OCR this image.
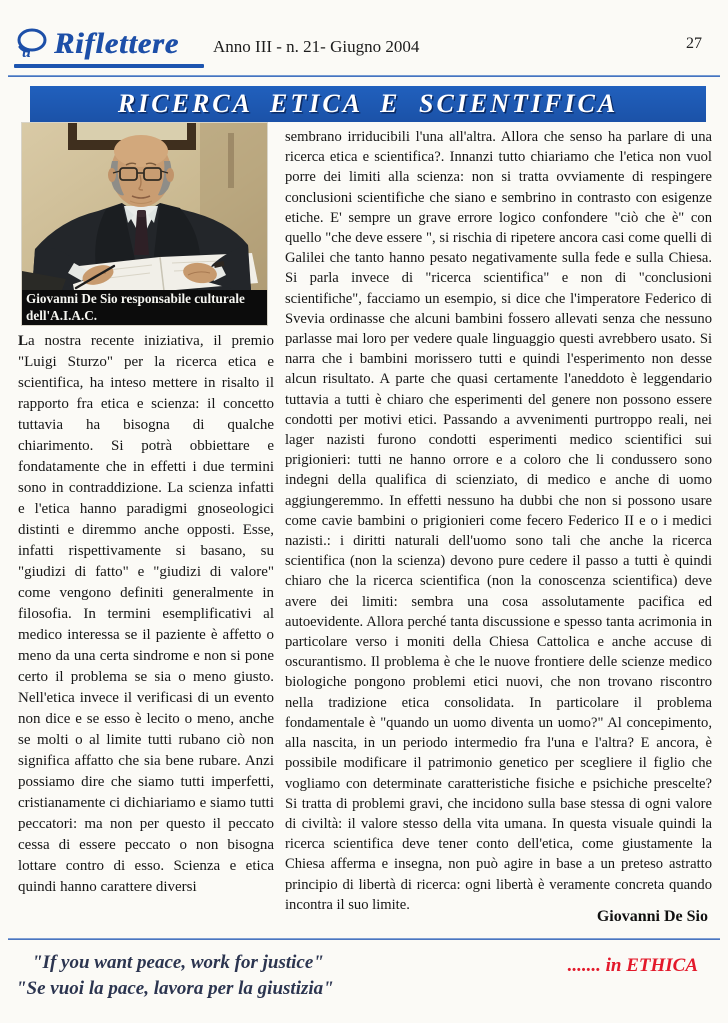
u Riflettere Anno III - n. 21- Giugno 2004	27
RICERCA ETICA E SCIENTIFICA
Giovanni De Sio responsabile culturale
dell'A.I.A.C.
La nostra recente iniziativa, il premio "Luigi Sturzo" per la ricerca etica e scientifica, ha inteso mettere in risalto il rapporto fra etica e scienza: il concetto tuttavia ha bisogna di qualche chiarimento. Si potrà obbiettare e fondatamente che in effetti i due termini sono in contraddizione. La scienza infatti e l'etica hanno paradigmi gnoseologici distinti e diremmo anche opposti. Esse, infatti rispettivamente si basano, su "giudizi di fatto" e "giudizi di valore" come vengono definiti generalmente in filosofia. In termini esemplificativi al medico interessa se il paziente è affetto o meno da una certa sindrome e non si pone certo il problema se sia o meno giusto. Nell'etica invece il verificasi di un evento non dice e se esso è lecito o meno, anche se molti o al limite tutti rubano ciò non significa affatto che sia bene rubare. Anzi possiamo dire che siamo tutti imperfetti, cristianamente ci dichiariamo e siamo tutti peccatori: ma non per questo il peccato cessa di essere peccato o non bisogna lottare contro di esso. Scienza e etica quindi hanno carattere diversi
sembrano irriducibili l'una all'altra. Allora che senso ha parlare di una ricerca etica e scientifica?. Innanzi tutto chiariamo che l'etica non vuol porre dei limiti alla scienza: non si tratta ovviamente di respingere conclusioni scientifiche che siano e sembrino in contrasto con esigenze etiche. E' sempre un grave errore logico confondere "ciò che è" con quello "che deve essere ", si rischia di ripetere ancora casi come quelli di Galilei che tanto hanno pesato negativamente sulla fede e sulla Chiesa. Si parla invece di "ricerca scientifica" e non di "conclusioni scientifiche", facciamo un esempio, si dice che l'imperatore Federico di Svevia ordinasse che alcuni bambini fossero allevati senza che nessuno parlasse mai loro per vedere quale linguaggio questi avrebbero usato. Si narra che i bambini morissero tutti e quindi l'esperimento non desse alcun risultato. A parte che quasi certamente l'aneddoto è leggendario tuttavia a tutti è chiaro che esperimenti del genere non possono essere condotti per motivi etici. Passando a avvenimenti purtroppo reali, nei lager nazisti furono condotti esperimenti medico scientifici sui prigionieri: tutti ne hanno orrore e a coloro che li condussero sono indegni della qualifica di scienziato, di medico e anche di uomo aggiungeremmo. In effetti nessuno ha dubbi che non si possono usare come cavie bambini o prigionieri come fecero Federico II e o i medici nazisti.: i diritti naturali dell'uomo sono tali che anche la ricerca scientifica (non la scienza) devono pure cedere il passo a tutti è quindi chiaro che la ricerca scientifica (non la conoscenza scientifica) deve avere dei limiti: sembra una cosa assolutamente pacifica ed autoevidente. Allora perché tanta discussione e spesso tanta acrimonia in particolare verso i moniti della Chiesa Cattolica e anche accuse di oscurantismo. Il problema è che le nuove frontiere delle scienze medico biologiche pongono problemi etici nuovi, che non trovano riscontro nella tradizione etica consolidata. In particolare il problema fondamentale è "quando un uomo diventa un uomo?" Al concepimento, alla nascita, in un periodo intermedio fra l'una e l'altra? E ancora, è possibile modificare il patrimonio genetico per scegliere il figlio che vogliamo con determinate caratteristiche fisiche e psichiche prescelte? Si tratta di problemi gravi, che incidono sulla base stessa di ogni valore di civiltà: il valore stesso della vita umana. In questa visuale quindi la ricerca scientifica deve tener conto dell'etica, come giustamente la Chiesa afferma e insegna, non può agire in base a un preteso astratto principio di libertà di ricerca: ogni libertà è veramente concreta quando incontra il suo limite.
Giovanni De Sio
"If you want peace, work for justice"
"Se vuoi la pace, lavora per la giustizia"
....... in ETHICA
